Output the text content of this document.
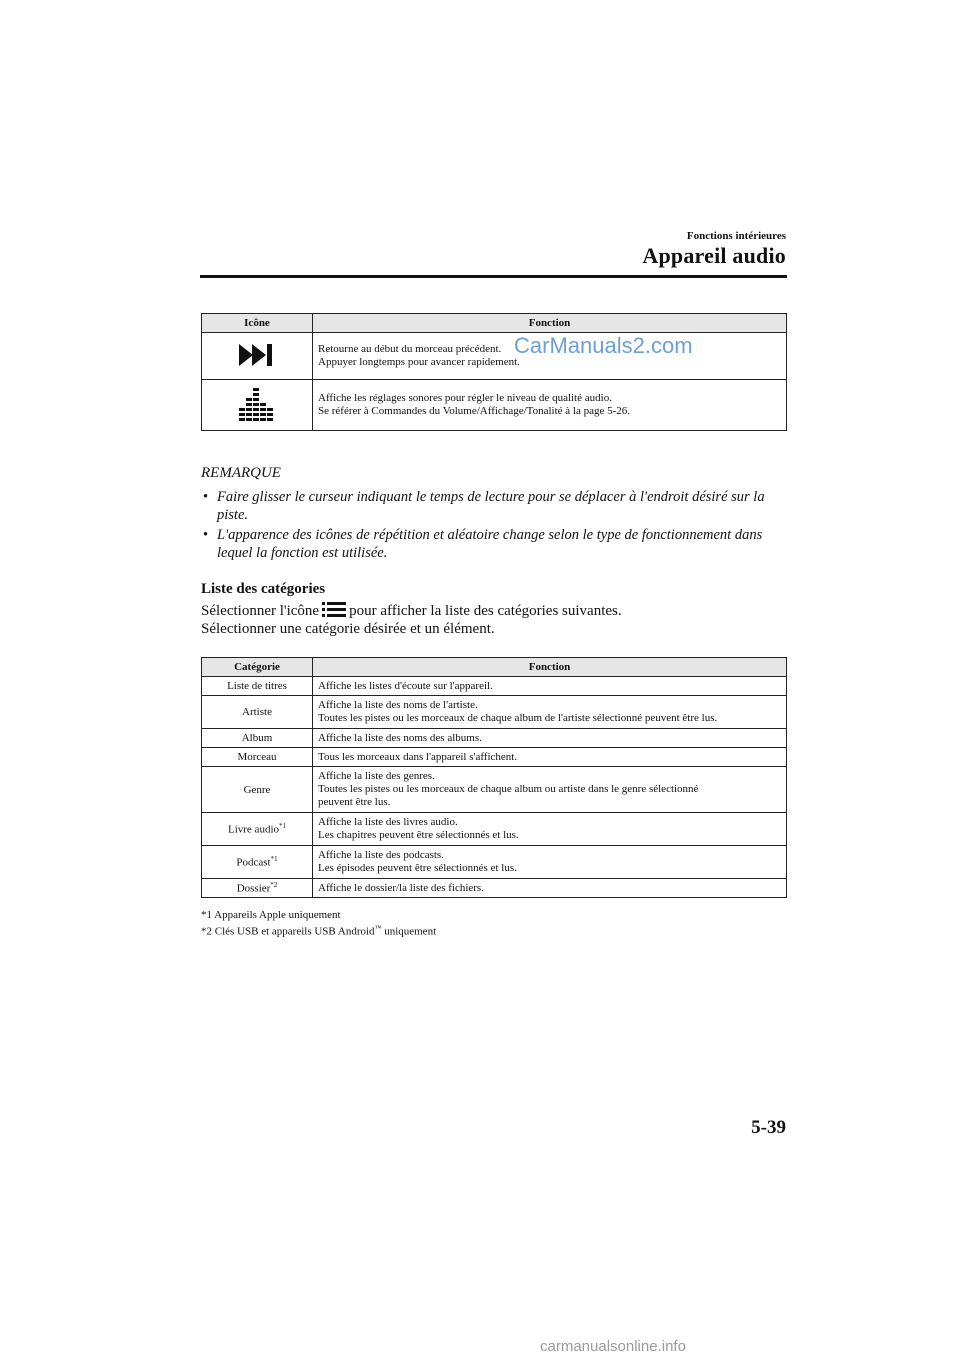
Fonctions intérieures
Appareil audio
Icône	Fonction

Retourne au début du morceau précédent.
Appuyer longtemps pour avancer rapidement.

Affiche les réglages sonores pour régler le niveau de qualité audio.
Se référer à Commandes du Volume/Affichage/Tonalité à la page 5-26.
CarManuals2.com
REMARQUE
• Faire glisser le curseur indiquant le temps de lecture pour se déplacer à l'endroit désiré sur la piste.
• L'apparence des icônes de répétition et aléatoire change selon le type de fonctionnement dans lequel la fonction est utilisée.
Liste des catégories
Sélectionner l'icône pour afficher la liste des catégories suivantes.
Sélectionner une catégorie désirée et un élément.
Catégorie	Fonction
Liste de titres	Affiche les listes d'écoute sur l'appareil.

Artiste	Affiche la liste des noms de l'artiste.
Toutes les pistes ou les morceaux de chaque album de l'artiste sélectionné peuvent être lus.

Album	Affiche la liste des noms des albums.

Morceau	Tous les morceaux dans l'appareil s'affichent.

Genre	Affiche la liste des genres.
Toutes les pistes ou les morceaux de chaque album ou artiste dans le genre sélectionné
peuvent être lus.

Livre audio$^{*1}$	Affiche la liste des livres audio.
Les chapitres peuvent être sélectionnés et lus.

Podcast$^{*1}$	Affiche la liste des podcasts.
Les épisodes peuvent être sélectionnés et lus.

Dossier$^{*2}$	Affiche le dossier/la liste des fichiers.
*1 Appareils Apple uniquement
*2 Clés USB et appareils USB Android™ uniquement
5-39
carmanualsonline.info
